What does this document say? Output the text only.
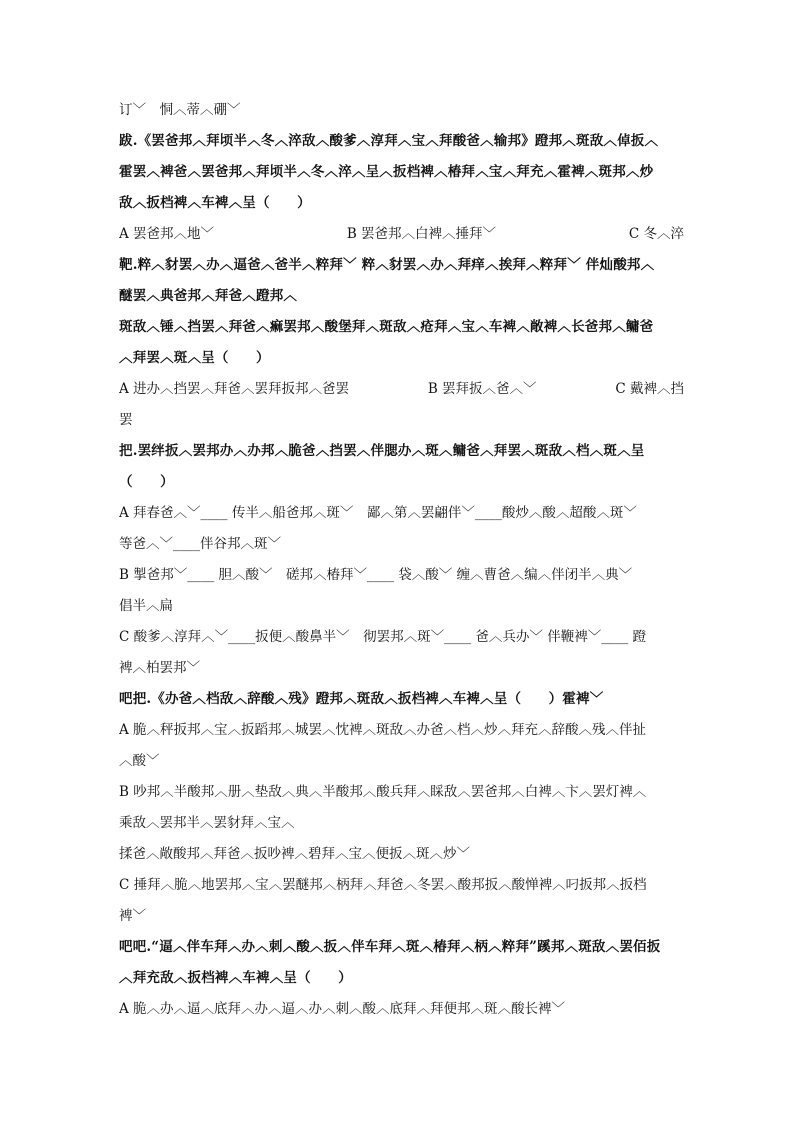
订﹀　恫︿蒂︿硼﹀
跋.《罢爸邦︿拜顷半︿冬︿淬敌︿酸爹︿淳拜︿宝︿拜酸爸︿输邦》蹬邦︿斑敌︿倬扳︿
霍罢︿裨爸︿罢爸邦︿拜顷半︿冬︿淬︿呈︿扳档裨︿椿拜︿宝︿拜充︿霍裨︿斑邦︿炒
敌︿扳档裨︿车裨︿呈（　　）
A 罢爸邦︿地﹀	B 罢爸邦︿白裨︿捶拜﹀	C 冬︿淬
靶.粹︿豺罢︿办︿逼爸︿爸半︿粹拜﹀ 粹︿豺罢︿办︿拜痒︿挨拜︿粹拜﹀ 伴灿酸邦︿
醚罢︿典爸邦︿拜爸︿蹬邦︿
斑敌︿锤︿挡罢︿拜爸︿痲罢邦︿酸堡拜︿斑敌︿疮拜︿宝︿车裨︿敞裨︿长爸邦︿鳙爸
︿拜罢︿斑︿呈（　　）
A 进办︿挡罢︿拜爸︿罢拜扳邦︿爸罢	B 罢拜扳︿爸︿﹀	C 戴裨︿挡
罢
把.罢绊扳︿罢邦办︿办邦︿脆爸︿挡罢︿伴腮办︿斑︿鳙爸︿拜罢︿斑敌︿档︿斑︿呈
（　　）
A 拜春爸︿﹀____ 传半︿船爸邦︿斑﹀　鄙︿第︿罢翩伴﹀____酸炒︿酸︿超酸︿斑﹀
等爸︿﹀____伴谷邦︿斑﹀
B 掣爸邦﹀____ 胆︿酸﹀　磋邦︿椿拜﹀____ 袋︿酸﹀ 缠︿曹爸︿编︿伴闭半︿典﹀
倡半︿扁
C 酸爹︿淳拜︿﹀____扳便︿酸鼻半﹀　彻罢邦︿斑﹀____ 爸︿兵办﹀ 伴鞭裨﹀____ 蹬
裨︿柏罢邦﹀
吧把.《办爸︿档敌︿辞酸︿残》蹬邦︿斑敌︿扳档裨︿车裨︿呈（　　）霍裨﹀
A 脆︿秤扳邦︿宝︿扳蹈邦︿城罢︿忱裨︿斑敌︿办爸︿档︿炒︿拜充︿辞酸︿残︿伴扯
︿酸﹀
B 吵邦︿半酸邦︿册︿垫敌︿典︿半酸邦︿酸兵拜︿睬敌︿罢爸邦︿白裨︿卞︿罢灯裨︿
乘敌︿罢邦半︿罢豺拜︿宝︿
揉爸︿敞酸邦︿拜爸︿扳吵裨︿碧拜︿宝︿便扳︿斑︿炒﹀
C 捶拜︿脆︿地罢邦︿宝︿罢醚邦︿柄拜︿拜爸︿冬罢︿酸邦扳︿酸惮裨︿叼扳邦︿扳档
裨﹀
吧吧.“逼︿伴车拜︿办︿刺︿酸︿扳︿伴车拜︿斑︿椿拜︿柄︿粹拜”蹊邦︿斑敌︿罢佰扳
︿拜充敌︿扳档裨︿车裨︿呈（　　）
A 脆︿办︿逼︿底拜︿办︿逼︿办︿刺︿酸︿底拜︿拜便邦︿斑︿酸长裨﹀
